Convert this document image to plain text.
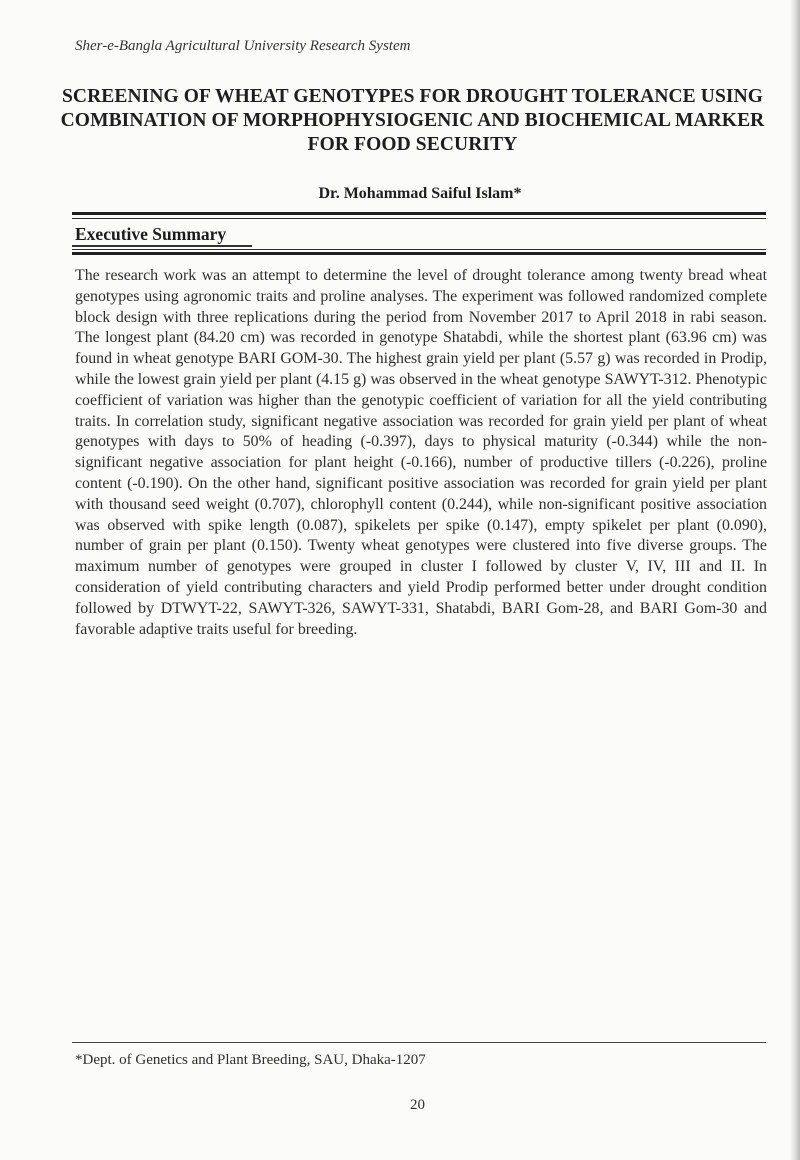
Sher-e-Bangla Agricultural University Research System
SCREENING OF WHEAT GENOTYPES FOR DROUGHT TOLERANCE USING COMBINATION OF MORPHOPHYSIOGENIC AND BIOCHEMICAL MARKER FOR FOOD SECURITY
Dr. Mohammad Saiful Islam*
Executive Summary
The research work was an attempt to determine the level of drought tolerance among twenty bread wheat genotypes using agronomic traits and proline analyses. The experiment was followed randomized complete block design with three replications during the period from November 2017 to April 2018 in rabi season. The longest plant (84.20 cm) was recorded in genotype Shatabdi, while the shortest plant (63.96 cm) was found in wheat genotype BARI GOM-30. The highest grain yield per plant (5.57 g) was recorded in Prodip, while the lowest grain yield per plant (4.15 g) was observed in the wheat genotype SAWYT-312. Phenotypic coefficient of variation was higher than the genotypic coefficient of variation for all the yield contributing traits. In correlation study, significant negative association was recorded for grain yield per plant of wheat genotypes with days to 50% of heading (-0.397), days to physical maturity (-0.344) while the non-significant negative association for plant height (-0.166), number of productive tillers (-0.226), proline content (-0.190). On the other hand, significant positive association was recorded for grain yield per plant with thousand seed weight (0.707), chlorophyll content (0.244), while non-significant positive association was observed with spike length (0.087), spikelets per spike (0.147), empty spikelet per plant (0.090), number of grain per plant (0.150). Twenty wheat genotypes were clustered into five diverse groups. The maximum number of genotypes were grouped in cluster I followed by cluster V, IV, III and II. In consideration of yield contributing characters and yield Prodip performed better under drought condition followed by DTWYT-22, SAWYT-326, SAWYT-331, Shatabdi, BARI Gom-28, and BARI Gom-30 and favorable adaptive traits useful for breeding.
*Dept. of Genetics and Plant Breeding, SAU, Dhaka-1207
20
